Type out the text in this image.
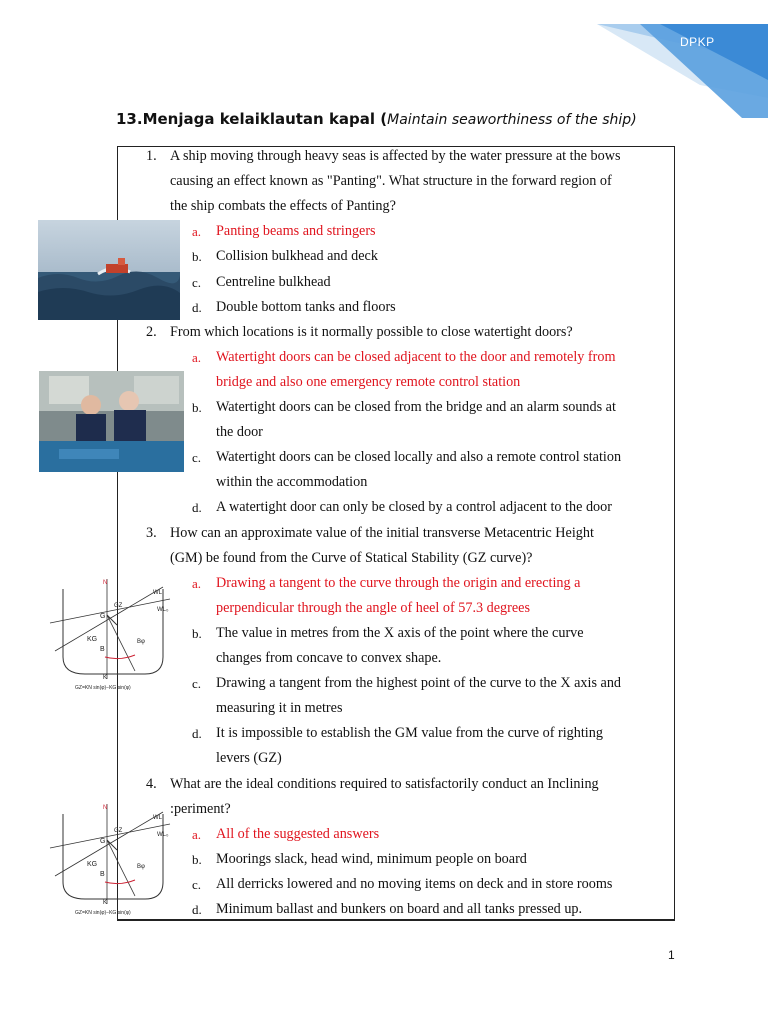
DPKP
13.Menjaga kelaiklautan kapal (Maintain seaworthiness of the ship)
1. A ship moving through heavy seas is affected by the water pressure at the bows
causing an effect known as "Panting". What structure in the forward region of
the ship combats the effects of Panting?
a. Panting beams and stringers
b. Collision bulkhead and deck
c. Centreline bulkhead
d. Double bottom tanks and floors
2. From which locations is it normally possible to close watertight doors?
a. Watertight doors can be closed adjacent to the door and remotely from
bridge and also one emergency remote control station
b. Watertight doors can be closed from the bridge and an alarm sounds at
the door
c. Watertight doors can be closed locally and also a remote control station
within the accommodation
d. A watertight door can only be closed by a control adjacent to the door
3. How can an approximate value of the initial transverse Metacentric Height
(GM) be found from the Curve of Statical Stability (GZ curve)?
a. Drawing a tangent to the curve through the origin and erecting a
perpendicular through the angle of heel of 57.3 degrees
b. The value in metres from the X axis of the point where the curve
changes from concave to convex shape.
c. Drawing a tangent from the highest point of the curve to the X axis and
measuring it in metres
d. It is impossible to establish the GM value from the curve of righting
levers (GZ)
4. What are the ideal conditions required to satisfactorily conduct an Inclining
:periment?
a. All of the suggested answers
b. Moorings slack, head wind, minimum people on board
c. All derricks lowered and no moving items on deck and in store rooms
d. Minimum ballast and bunkers on board and all tanks pressed up.
N
G
GZ
KG
B
K
Bφ
WL
WL₀
GZ=KN sin(φ)−KG sin(φ)
N
G
GZ
KG
B
K
Bφ
WL
WL₀
GZ=KN sin(φ)−KG sin(φ)
1
